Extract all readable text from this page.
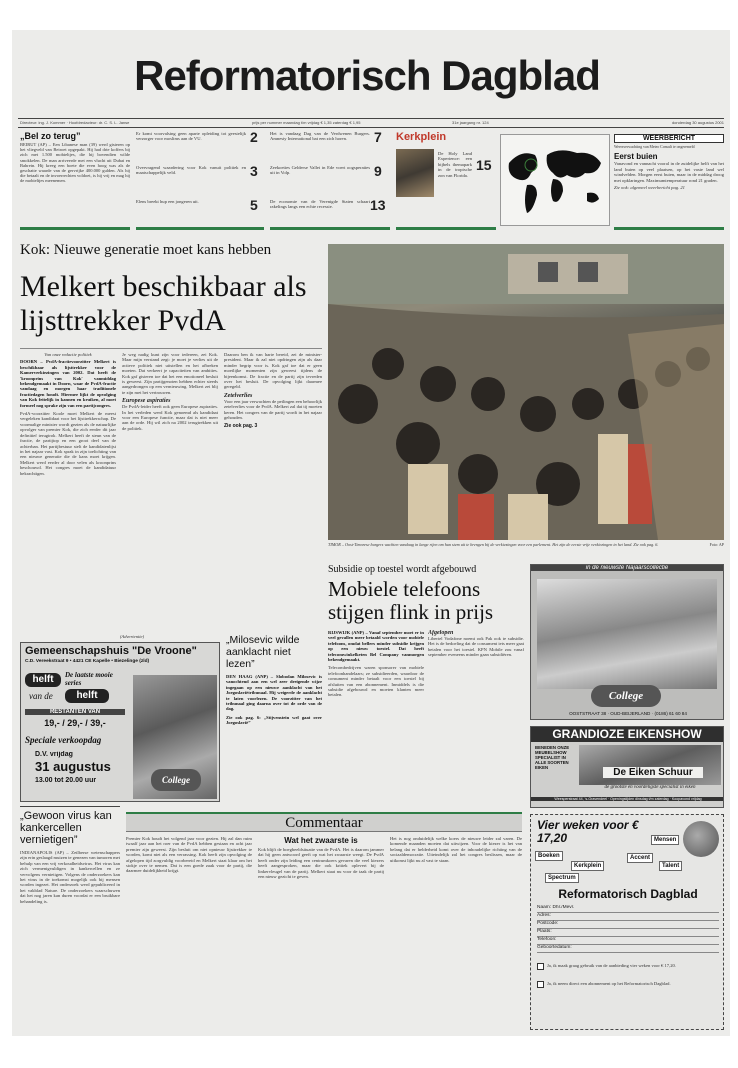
Reformatorisch Dagblad
Directeur: ing. J. Kommer · Hoofdredacteur: dr. C. S. L. Janse	prijs per nummer maandag t/m vrijdag € 1,35 zaterdag € 1,95	31e jaargang nr. 124	donderdag 30 augustus 2001
„Bel zo terug”
BEIRUT (AP) – Een Libanese man (39) werd gisteren op het vliegveld van Beiroet opgepakt. Hij had drie koffers bij zich met 1.500 mobieltjes, die hij bovendien wilde smokkelen. De man arriveerde met een vlucht uit Dubai en Bahrein. Hij kreeg een boete die even hoog was als de geschatte waarde van de gervrijke 400.000 gulden. Als hij die betaalt en de invoerrechten voldoet, is hij vrij en mag hij de mobieltjes meenemen.
Er komt voorvalsing geen aparte opleiding tot geestelijk verzorger voor moslims aan de VU.	2
Overvragend waardering voor Kok vanuit politiek en maatschappelijk veld.	3
Elens breekt hup een jongeren uit.	5
Het is vandaag Dag van de Verdwenen Burgers. Amnesty International bat een zich horen.	7
Zeekoeties Gelderse Vallei in Ede voert oogsperaties uit in Volp.	9
De economie van de Verenigde Staten schaart rakelings langs een echte recessie.	13
Kerkplein
De Holy Land Experience: een bijbels themapark in de tropische zon van Florida.
15
WEERBERICHT
Weersverwachting van Meteo Consult te ongeremeld
Eerst buien
Vanavond en vannacht vooral in de zuidelijke helft van het land buien op veel plaatsen, op het vaste land wel windvelden. Morgen eerst buien, maar in de middag droog met opklaringen. Maximumtemperatuur rond 21 graden.
Zie ook: algemeel weerbericht pag. 21
Kok: Nieuwe generatie moet kans hebben
Melkert beschikbaar als lijsttrekker PvdA
Van onze redactie politiek
DOORN – PvdA-fractievoorzitter Melkert is beschikbaar als lijsttrekker voor de Kamerverkiezingen van 2002. Dat heeft de 'kroonprins van Kok' vanmiddag bekendgemaakt in Doorn, waar de PvdA-fractie vandaag en morgen haar traditionele fractiedagen houdt. Hiermee lijkt de opvolging van Kok feitelijk in kannen en kruiken, al moet formeel nog sprake zijn van een partijcongres.
PvdA-voorzitter Koole moet Melkert de meest vergeleken kandidaat voor het lijsttrekkerschap. De voormalige minister wordt gezien als de natuurlijke opvolger van premier Kok, die zich eerder dit jaar definitief terugtrok. Melkert heeft de steun van de fractie, de partijtop en een groot deel van de achterban. Het partijbestuur stelt de kandidatenlijst in het najaar vast. Kok sprak in zijn toelichting van een nieuwe generatie die de kans moet krijgen. Melkert werd eerder al door velen als kroonprins beschouwd. Het congres moet de kandidatuur bekrachtigen.
Je weg nadig kunt zijn voor iedereen, zei Kok. Maar mijn verstand zegt: je moet je verlies uit de actieve politiek niet uitstellen en het afbreken moeten. Dat verkeert je capaciteiten van ambities. Kok gaf gisteren toe dat het een emotioneel besluit is geweest. Zijn partijgenoten hebben echter steeds aangedrongen op een vernieuwing. Melkert zei blij te zijn met het vertrouwen.
Europese aspiraties
De PvdA-leider heeft ook geen Europese aspiraties. In het verleden werd Kok genoemd als kandidaat voor een Europese functie, maar dat is niet meer aan de orde. Hij wil zich na 2002 terugtrekken uit de politiek.
Daarom ben ik van harte bereid, zei de minister-president. Maar ik zal niet opdringen zijn als daar minder begrip voor is. Kok gaf toe dat er geen moeilijke momenten zijn geweest tijdens de bijeenkomst. De fractie en de partij zijn tevreden over het besluit. De opvolging lijkt daarmee geregeld.
Zetelverlies
Voor een jaar verwachten de peilingen een behoorlijk zetelverlies voor de PvdA. Melkert zal dat tij moeten keren. Het congres van de partij wordt in het najaar gehouden.
Zie ook pag. 3
TIMOR – Oost-Timorese burgers wachten vandaag in lange rijen om hun stem uit te brengen bij de verkiezingen voor een parlement. Het zijn de eerste vrije verkiezingen in het land. Zie ook pag. 6.	Foto: AP
(Advertentie)
Gemeenschapshuis "De Vroone"
C.D. Vereekstraat 9 • 4421 CE Kapelle • Biezelinge (zld)
helft	De laatste mooie series
van de	helft
RESTANTEN VAN
19,- / 29,- / 39,-
Speciale verkoopdag
D.V. vrijdag
31 augustus
13.00 tot 20.00 uur	College
„Milosevic wilde aanklacht niet lezen”
DEN HAAG (ANP) – Slobodan Milosevic is vanochtend aan een wel zeer dreigende wijze ingegaan op een nieuwe aanklacht van het Joegoslaviëtribunaal. Hij weigerde de aanklacht te laten voorlezen. De voorzitter van het tribunaal ging daarna over tot de orde van de dag.
Zie ook pag. 6: „Stijvenstein wel gaat over Joegoslavië”
Subsidie op toestel wordt afgebouwd
Mobiele telefoons stijgen flink in prijs
RIJSWIJK (ANP) – Vanaf september moet er in veel gevallen meer betaald worden voor mobiele telefoons, omdat bellers minder subsidie krijgen op een nieuw toestel. Dat heeft telecomwinkelketen Bel Company vanmorgen bekendgemaakt.
Telecombedrijven waren sponsorer van mobiele telefoonhandelaars; ze subsidieerden, waardoor de consument minder betaalt voor een toestel bij afsluiten van een abonnement. Inmiddels is die subsidie afgebouwd en moeten klanten meer betalen.
Afgelopen
Libertel Vodafone noemt ook Pak ook te subsidie. Het is de bedoeling dat de consument iets meer gaat betalen voor het toestel. KPN Mobile zou vanaf september eveneens minder gaan subsidiëren.
in de nieuwste Najaarscollectie
College
OOSTSTRAAT 38 · OUD-BEIJERLAND · (0186) 61 60 84
GRANDIOZE EIKENSHOW
BENEDEN ONZE MEUBELSHOW SPECIALIST IN ALLE SOORTEN EIKEN	De Eiken Schuur
de grootste en voordeligste specialist in eiken
Weesperstraat 44, 's-Gravendeel · Openingstijden dinsdag t/m zaterdag · Koopavond vrijdag
„Gewoon virus kan kankercellen vernietigen”
INDIANAPOLIS (AP) – Zeilberse wetenschappers zijn erin geslaagd muizen te genezen van tumoren met behulp van een vrij verkoudheidsvirus. Het virus kan zich vermenigvuldigen in kankercellen en ze vervolgens vernietigen. Volgens de onderzoekers kan het virus in de toekomst mogelijk ook bij mensen worden ingezet. Het onderzoek werd gepubliceerd in het vakblad Nature. De onderzoekers waarschuwen dat het nog jaren kan duren voordat er een bruikbare behandeling is.
Commentaar
Premier Kok houdt het volgend jaar voor gezien. Hij zal dan ruim twaalf jaar aan het roer van de PvdA hebben gestaan en acht jaar premier zijn geweest. Zijn besluit om niet opnieuw lijsttrekker te worden, komt niet als een verrassing. Kok heeft zijn opvolging de afgelopen tijd zorgvuldig voorbereid en Melkert staat klaar om het stokje over te nemen. Dat is een goede zaak voor de partij, die daarmee duidelijkheid krijgt.
Wat het zwaarste is
Kok blijft de boegbeeldsituatie van de PvdA. Het is daarom jammer dat hij geen antwoord geeft op wat het zwaarste weegt. De PvdA heeft onder zijn leiding een centrumkoers gevaren die veel kiezers heeft aangesproken, maar die ook kritiek oplevert bij de linkervleugel van de partij. Melkert staat nu voor de taak de partij een nieuw gezicht te geven.
Het is nog onduidelijk welke koers de nieuwe leider zal varen. De komende maanden moeten dat uitwijzen. Voor de kiezer is het van belang dat er helderheid komt over de inhoudelijke richting van de sociaaldemocratie. Uiteindelijk zal het congres beslissen, maar de uitkomst lijkt nu al vast te staan.
Vier weken voor € 17,20
Boeken
Kerkplein
Accent
Mensen
Spectrum
Talent
Reformatorisch Dagblad
Naam: Dhr./Mevr.
Adres:
Postcode:
Plaats:
Telefoon:
Geboortedatum:
Ja, ik maak graag gebruik van de aanbieding vier weken voor € 17,20.
Ja, ik neem direct een abonnement op het Reformatorisch Dagblad.
